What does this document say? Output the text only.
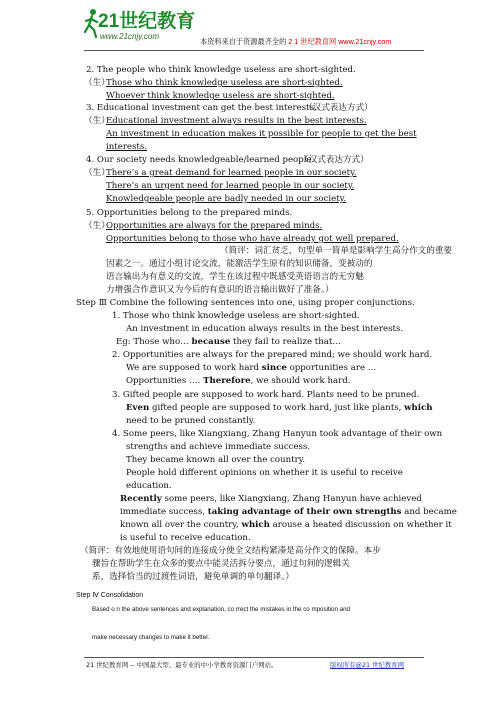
21世纪教育
www.21cnjy.com
本资料来自于资源最齐全的 2 1 世纪教育网 www.21cnjy.com
2. The people who think knowledge useless are short-sighted.
（生）
Those who think knowledge useless are short-sighted.
Whoever think knowledge useless are short-sighted.
3. Educational investment can get the best interests.
（汉式表达方式）
（生）
Educational investment always results in the best interests.
An investment in education makes it possible for people to get the best
interests.
4. Our society needs knowledgeable/learned people.
（汉式表达方式）
（生）
There’s a great demand for learned people in our society.
There’s an urgent need for learned people in our society.
Knowledgeable people are badly needed in our society.
5. Opportunities belong to the prepared minds.
（生）
Opportunities are always for the prepared minds.
Opportunities belong to those who have already got well prepared.
（简评：词汇贫乏，句型单一简单是影响学生高分作文的重要
因素之一。通过小组讨论交流，能激活学生原有的知识储备，变被动的
语言输出为有意义的交流，学生在该过程中既感受英语语言的无穷魅
力增强合作意识又为今后的有意识的语言输出做好了准备。）
Step Ⅲ Combine the following sentences into one, using proper conjunctions.
1. Those who think knowledge useless are short-sighted.
An investment in education always results in the best interests.
Eg: Those who… because they fail to realize that…
2. Opportunities are always for the prepared mind; we should work hard.
We are supposed to work hard since opportunities are …
Opportunities …. Therefore, we should work hard.
3. Gifted people are supposed to work hard. Plants need to be pruned.
Even gifted people are supposed to work hard, just like plants, which
need to be pruned constantly.
4. Some peers, like Xiangxiang, Zhang Hanyun took advantage of their own
strengths and achieve immediate success.
They became known all over the country.
People hold different opinions on whether it is useful to receive
education.
Recently some peers, like Xiangxiang, Zhang Hanyun have achieved
immediate success, taking advantage of their own strengths and became
known all over the country, which arouse a heated discussion on whether it
is useful to receive education.
（简评：有效地使用语句间的连接成分使全文结构紧凑是高分作文的保障。本步
骤旨在帮助学生在众多的要点中能灵活拆分要点，通过句间的逻辑关
系，选择恰当的过渡性词语，避免单调的单句翻译。）
Step Ⅳ Consolidation
Based o n the above sentences and explanation, co rrect the mistakes in the co mposition and
make necessary changes to make it better.
21 世纪教育网 -- 中国最大型、最专业的中小学教育资源门户网站。	版权所有@21 世纪教育网
